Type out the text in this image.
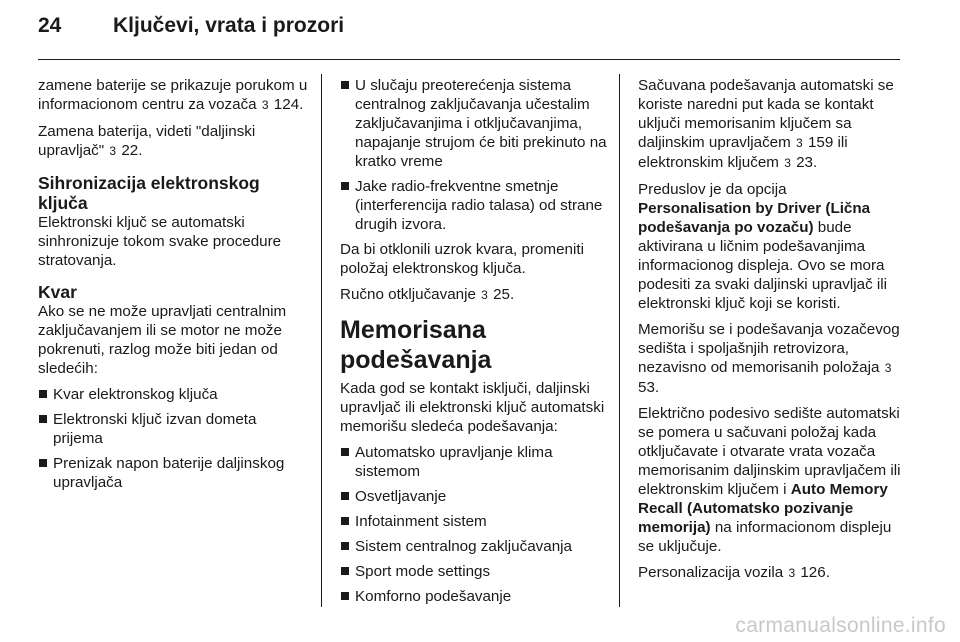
24 Ključevi, vrata i prozori

zamene baterije se prikazuje porukom u informacionom centru za vozača 3 124.

Zamena baterija, videti "daljinski upravljač" 3 22.

Sihronizacija elektronskog ključa

Elektronski ključ se automatski sinhronizuje tokom svake procedure stratovanja.

Kvar

Ako se ne može upravljati centralnim zaključavanjem ili se motor ne može pokrenuti, razlog može biti jedan od sledećih:

Kvar elektronskog ključa
Elektronski ključ izvan dometa prijema
Prenizak napon baterije daljinskog upravljača
U slučaju preoterećenja sistema centralnog zaključavanja učestalim zaključavanjima i otključavanjima, napajanje strujom će biti prekinuto na kratko vreme
Jake radio-frekventne smetnje (interferencija radio talasa) od strane drugih izvora.

Da bi otklonili uzrok kvara, promeniti položaj elektronskog ključa.

Ručno otključavanje 3 25.

Memorisana podešavanja

Kada god se kontakt isključi, daljinski upravljač ili elektronski ključ automatski memorišu sledeća podešavanja:

Automatsko upravljanje klima sistemom
Osvetljavanje
Infotainment sistem
Sistem centralnog zaključavanja
Sport mode settings
Komforno podešavanje

Sačuvana podešavanja automatski se koriste naredni put kada se kontakt uključi memorisanim ključem sa daljinskim upravljačem 3 159 ili elektronskim ključem 3 23.

Preduslov je da opcija
Personalisation by Driver (Lična podešavanja po vozaču) bude aktivirana u ličnim podešavanjima informacionog displeja. Ovo se mora podesiti za svaki daljinski upravljač ili elektronski ključ koji se koristi.

Memorišu se i podešavanja vozačevog sedišta i spoljašnjih retrovizora, nezavisno od memorisanih položaja 3 53.

Električno podesivo sedište automatski se pomera u sačuvani položaj kada otključavate i otvarate vrata vozača memorisanim daljinskim upravljačem ili elektronskim ključem i Auto Memory Recall (Automatsko pozivanje memorija) na informacionom displeju se uključuje.

Personalizacija vozila 3 126.

carmanualsonline.info
